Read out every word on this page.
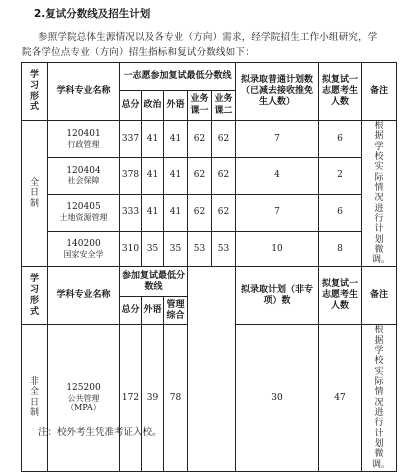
2.复试分数线及招生计划
参照学院总体生源情况以及各专业（方向）需求，经学院招生工作小组研究，学
院各学位点专业（方向）招生指标和复试分数线如下：
学习形式	学科专业名称	一志愿参加复试最低分数线					拟录取普通计划数（已减去接收推免生人数）	拟复试一志愿考生人数	备注
		总分	政治	外语	业务课一	业务课二			

全日制	120401
行政管理	337	41	41	62	62	7	6	根据学校实际情况进行计划微调。

	120404
社会保障	378	41	41	62	62	4	2	

	120405
土地资源管理	333	41	41	62	62	7	6	

	140200
国家安全学	310	35	35	53	53	10	8	
学习形式	学科专业名称	参加复试最低分数线					拟录取计划（非专项）数	拟复试一志愿考生人数	备注
		总分	外语	管理综合					

非全日制	125200
公共管理
（MPA）	172	39	78			30	47	根据学校实际情况进行计划微调。
注：校外考生凭准考证入校。
